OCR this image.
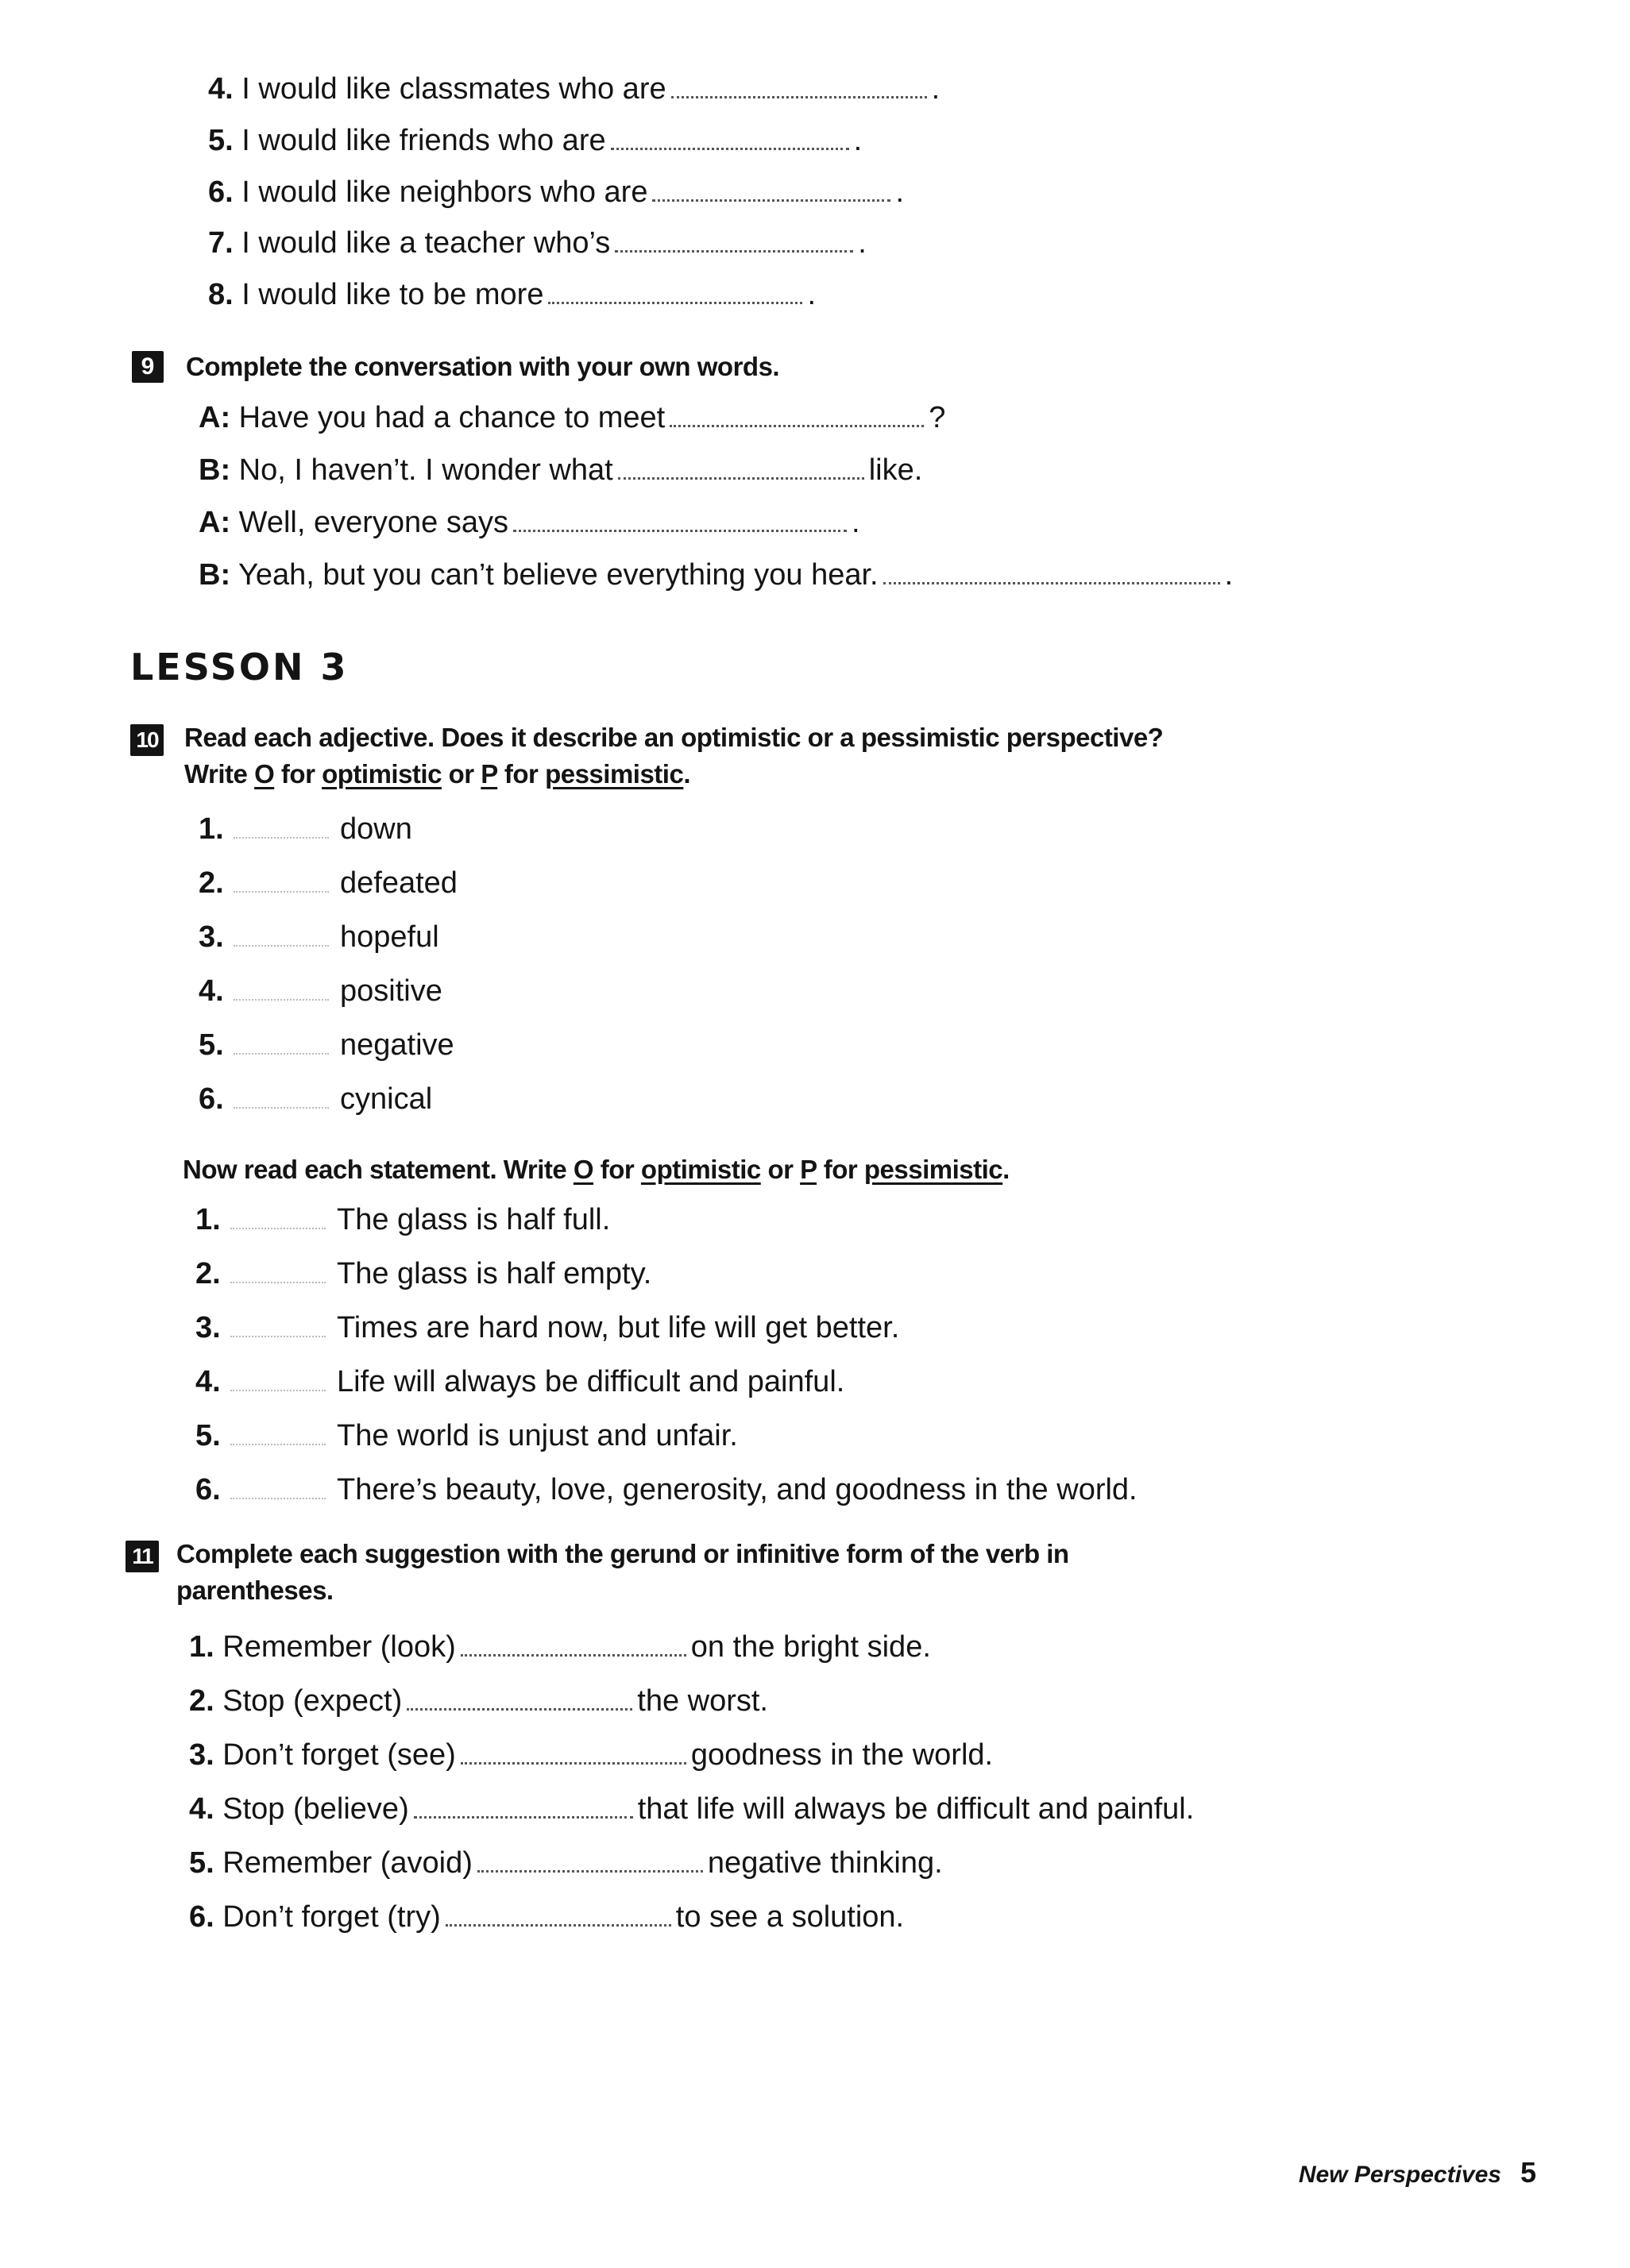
4. I would like classmates who are	.
5. I would like friends who are	.
6. I would like neighbors who are	.
7. I would like a teacher who’s	.
8. I would like to be more	.
9	Complete the conversation with your own words.
A: Have you had a chance to meet	?
B: No, I haven’t. I wonder what	like.
A: Well, everyone says	.
B: Yeah, but you can’t believe everything you hear.	.
LESSON 3
10 Read each adjective. Does it describe an optimistic or a pessimistic perspective?
Write O for optimistic or P for pessimistic.
1.	down
2.	defeated
3.	hopeful
4.	positive
5.	negative
6.	cynical
Now read each statement. Write O for optimistic or P for pessimistic.
1.	The glass is half full.
2.	The glass is half empty.
3.	Times are hard now, but life will get better.
4.	Life will always be difficult and painful.
5.	The world is unjust and unfair.
6.	There’s beauty, love, generosity, and goodness in the world.
11 Complete each suggestion with the gerund or infinitive form of the verb in
parentheses.
1. Remember (look)	on the bright side.
2. Stop (expect)	the worst.
3. Don’t forget (see)	goodness in the world.
4. Stop (believe)	that life will always be difficult and painful.
5. Remember (avoid)	negative thinking.
6. Don’t forget (try)	to see a solution.
New Perspectives 5
